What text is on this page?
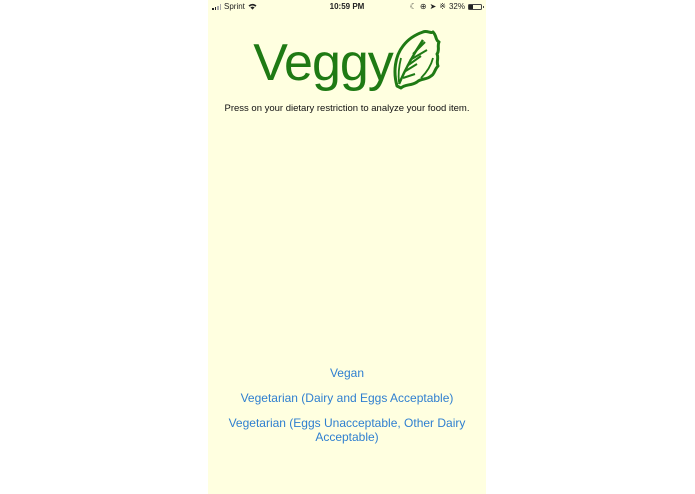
Sprint	10:59 PM	☾ ⊕ ➤ ※ 32%
Veggy
Press on your dietary restriction to analyze your food item.
Vegan
Vegetarian (Dairy and Eggs Acceptable)
Vegetarian (Eggs Unacceptable, Other Dairy Acceptable)
